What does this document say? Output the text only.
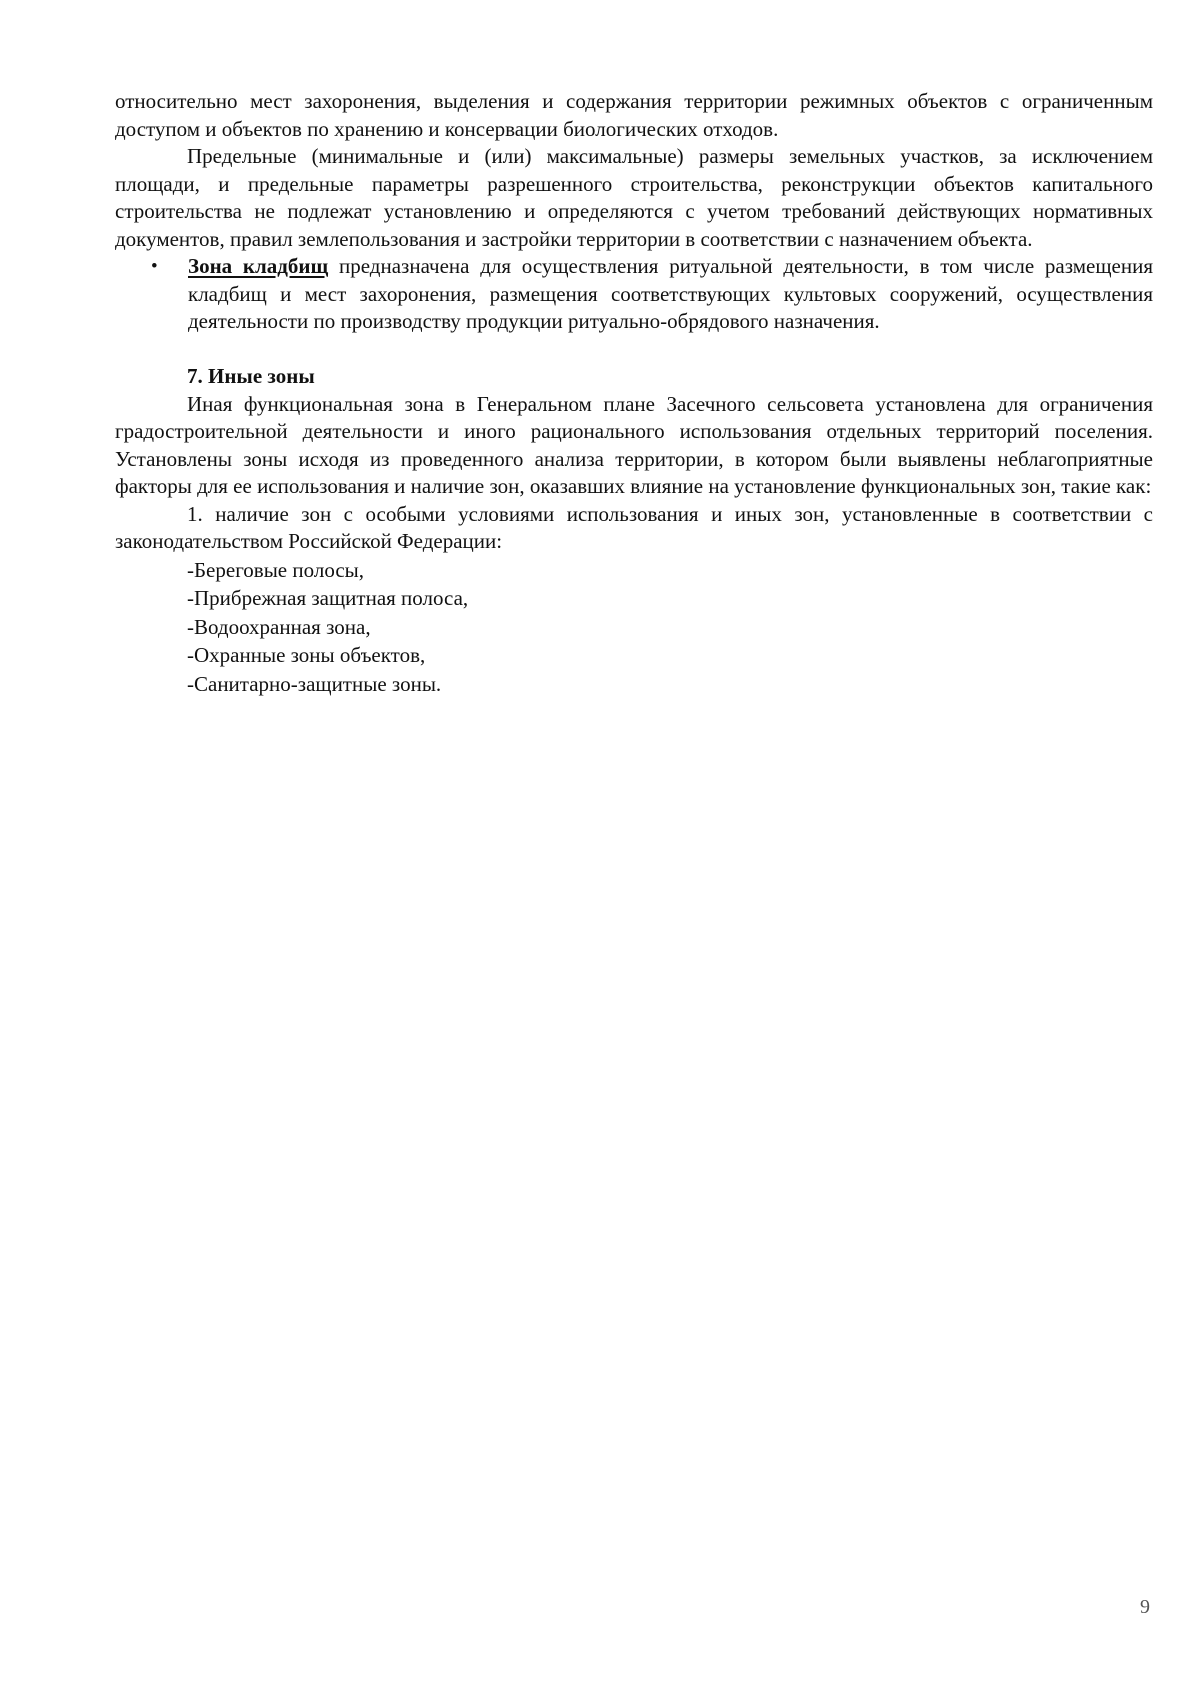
относительно мест захоронения, выделения и содержания территории режимных объектов с ограниченным доступом и объектов по хранению и консервации биологических отходов.

Предельные (минимальные и (или) максимальные) размеры земельных участков, за исключением площади, и предельные параметры разрешенного строительства, реконструкции объектов капитального строительства не подлежат установлению и определяются с учетом требований действующих нормативных документов, правил землепользования и застройки территории в соответствии с назначением объекта.

• Зона кладбищ предназначена для осуществления ритуальной деятельности, в том числе размещения кладбищ и мест захоронения, размещения соответствующих культовых сооружений, осуществления деятельности по производству продукции ритуально-обрядового назначения.

7. Иные зоны

Иная функциональная зона в Генеральном плане Засечного сельсовета установлена для ограничения градостроительной деятельности и иного рационального использования отдельных территорий поселения. Установлены зоны исходя из проведенного анализа территории, в котором были выявлены неблагоприятные факторы для ее использования и наличие зон, оказавших влияние на установление функциональных зон, такие как:

1. наличие зон с особыми условиями использования и иных зон, установленные в соответствии с законодательством Российской Федерации:

-Береговые полосы,
-Прибрежная защитная полоса,
-Водоохранная зона,
-Охранные зоны объектов,
-Санитарно-защитные зоны.
9
